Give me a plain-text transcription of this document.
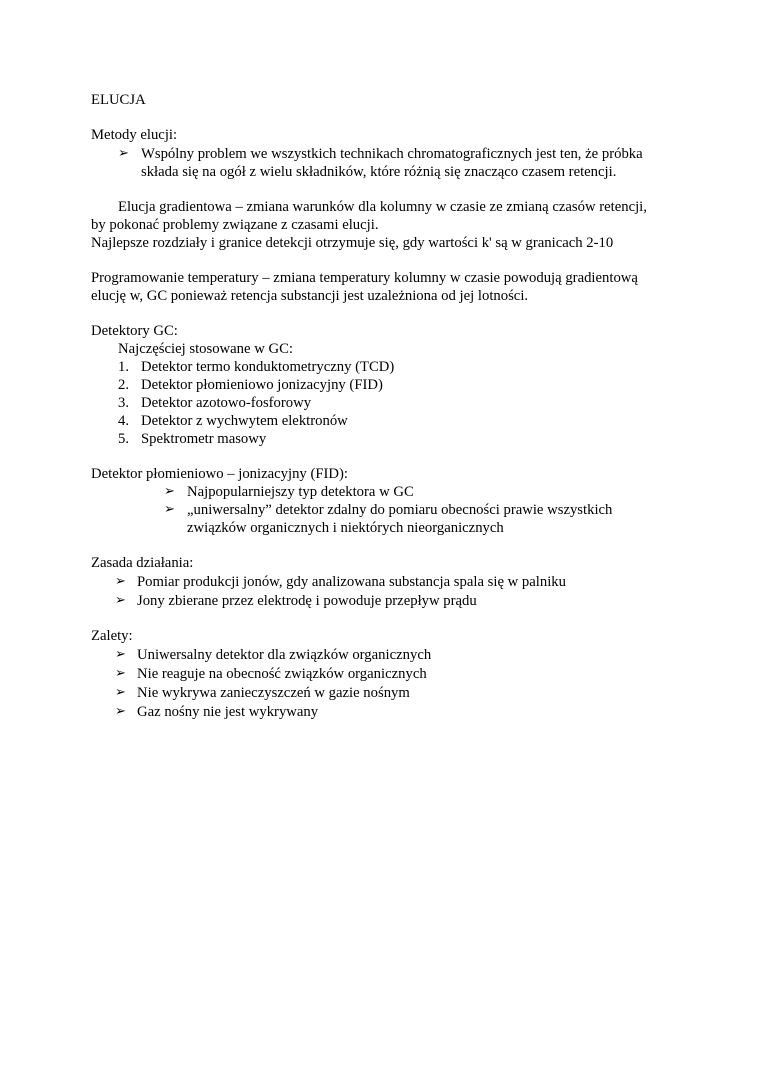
ELUCJA
Metody elucji:
➢ Wspólny problem we wszystkich technikach chromatograficznych jest ten, że próbka
składa się na ogół z wielu składników, które różnią się znacząco czasem retencji.
Elucja gradientowa – zmiana warunków dla kolumny w czasie ze zmianą czasów retencji,
by pokonać problemy związane z czasami elucji.
Najlepsze rozdziały i granice detekcji otrzymuje się, gdy wartości k' są w granicach 2-10
Programowanie temperatury – zmiana temperatury kolumny w czasie powodują gradientową
elucję w, GC ponieważ retencja substancji jest uzależniona od jej lotności.
Detektory GC:
Najczęściej stosowane w GC:
1. Detektor termo konduktometryczny (TCD)
2. Detektor płomieniowo jonizacyjny (FID)
3. Detektor azotowo-fosforowy
4. Detektor z wychwytem elektronów
5. Spektrometr masowy
Detektor płomieniowo – jonizacyjny (FID):
➢ Najpopularniejszy typ detektora w GC
➢ „uniwersalny” detektor zdalny do pomiaru obecności prawie wszystkich
związków organicznych i niektórych nieorganicznych
Zasada działania:
➢ Pomiar produkcji jonów, gdy analizowana substancja spala się w palniku
➢ Jony zbierane przez elektrodę i powoduje przepływ prądu
Zalety:
➢ Uniwersalny detektor dla związków organicznych
➢ Nie reaguje na obecność związków organicznych
➢ Nie wykrywa zanieczyszczeń w gazie nośnym
➢ Gaz nośny nie jest wykrywany
